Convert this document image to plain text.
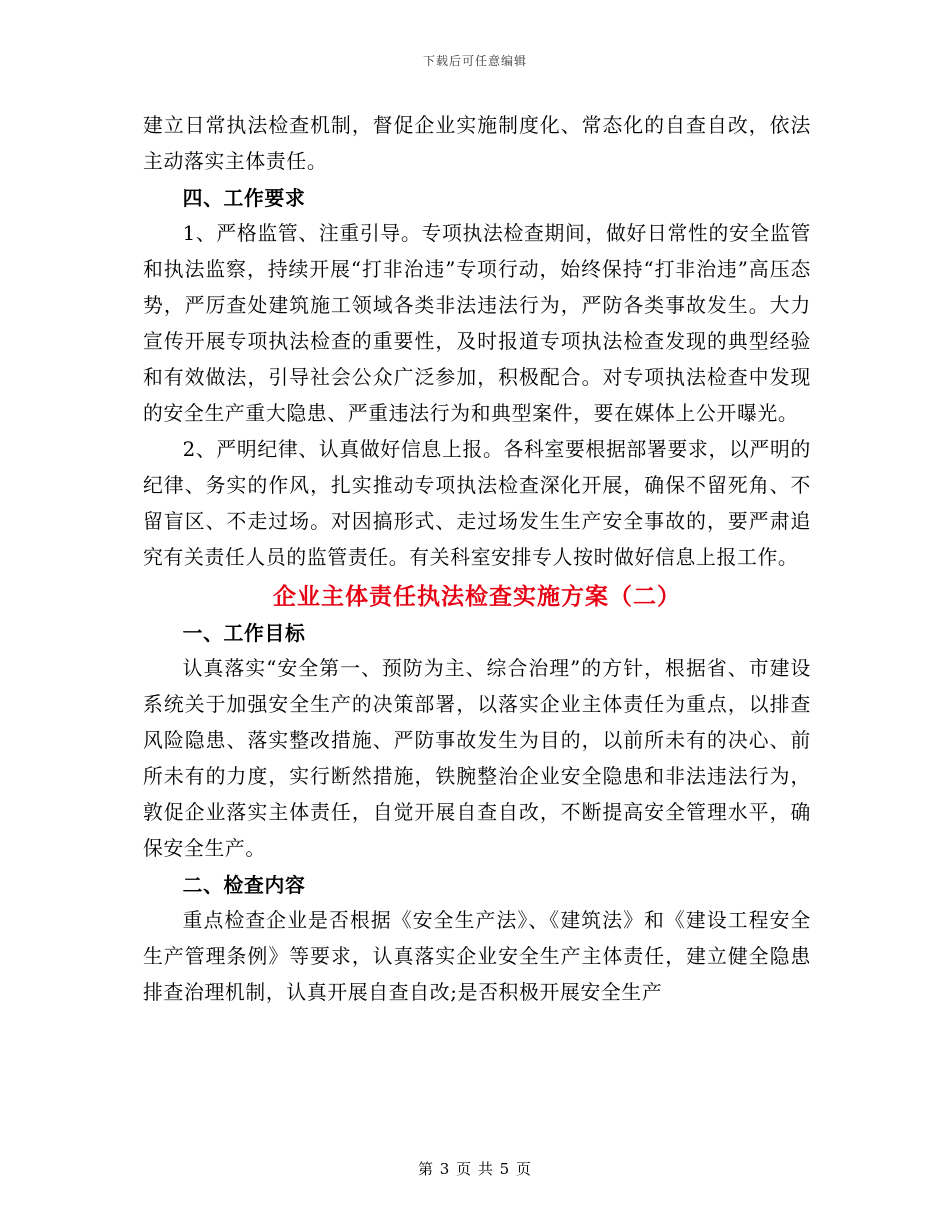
下载后可任意编辑

建立日常执法检查机制，督促企业实施制度化、常态化的自查自改，依法主动落实主体责任。

四、工作要求

1、严格监管、注重引导。专项执法检查期间，做好日常性的安全监管和执法监察，持续开展“打非治违”专项行动，始终保持“打非治违”高压态势，严厉查处建筑施工领域各类非法违法行为，严防各类事故发生。大力宣传开展专项执法检查的重要性，及时报道专项执法检查发现的典型经验和有效做法，引导社会公众广泛参加，积极配合。对专项执法检查中发现的安全生产重大隐患、严重违法行为和典型案件，要在媒体上公开曝光。

2、严明纪律、认真做好信息上报。各科室要根据部署要求，以严明的纪律、务实的作风，扎实推动专项执法检查深化开展，确保不留死角、不留盲区、不走过场。对因搞形式、走过场发生生产安全事故的，要严肃追究有关责任人员的监管责任。有关科室安排专人按时做好信息上报工作。

企业主体责任执法检查实施方案（二）

一、工作目标

认真落实“安全第一、预防为主、综合治理”的方针，根据省、市建设系统关于加强安全生产的决策部署，以落实企业主体责任为重点，以排查风险隐患、落实整改措施、严防事故发生为目的，以前所未有的决心、前所未有的力度，实行断然措施，铁腕整治企业安全隐患和非法违法行为，敦促企业落实主体责任，自觉开展自查自改，不断提高安全管理水平，确保安全生产。

二、检查内容

重点检查企业是否根据《安全生产法》、《建筑法》和《建设工程安全生产管理条例》等要求，认真落实企业安全生产主体责任，建立健全隐患排查治理机制，认真开展自查自改;是否积极开展安全生产

第 3 页 共 5 页
